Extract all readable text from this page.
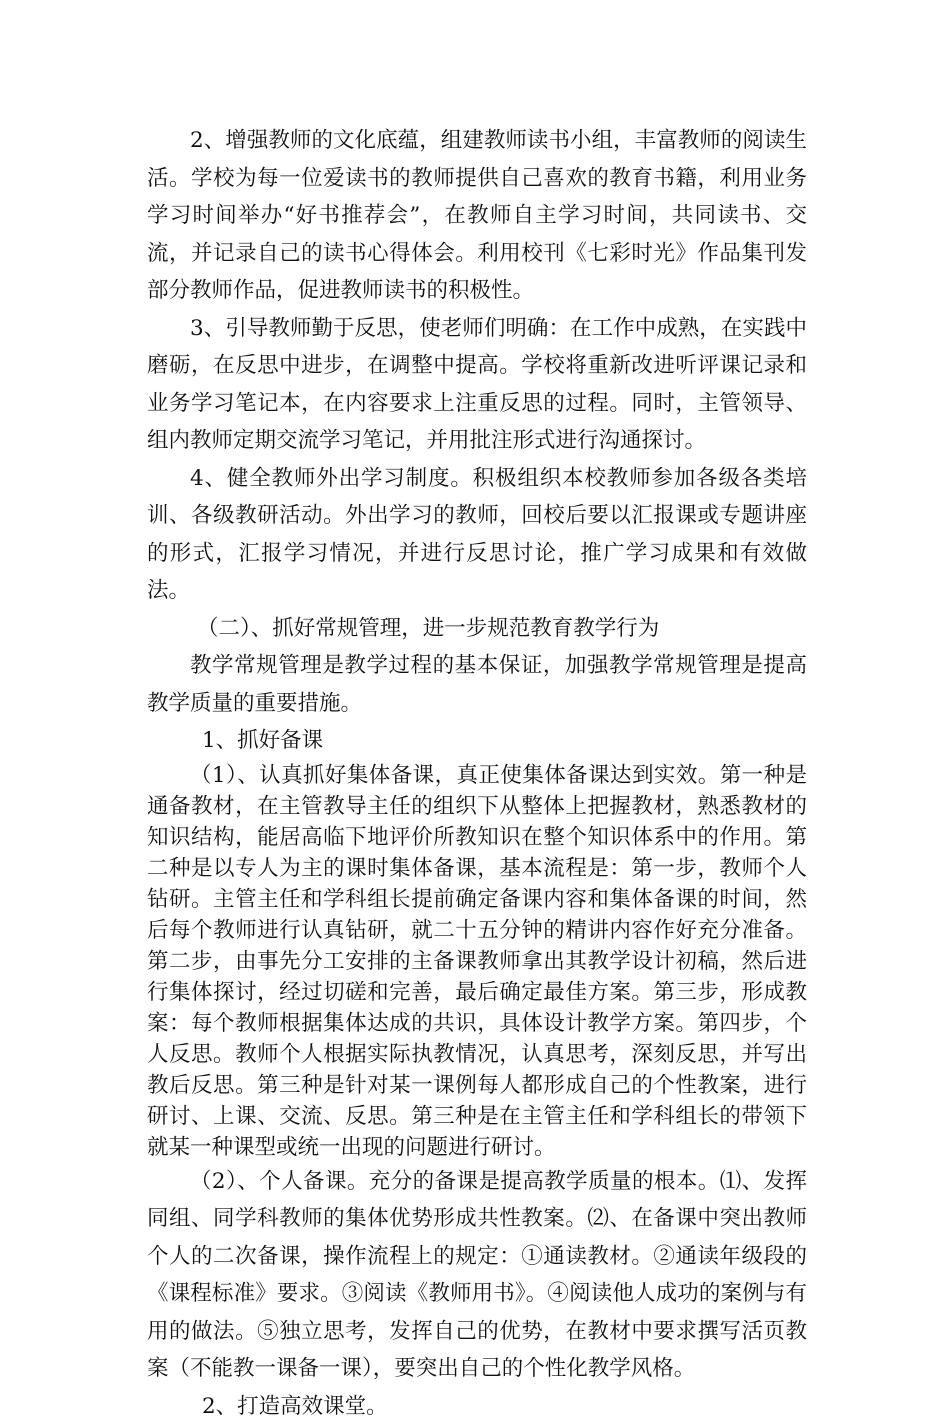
2、增强教师的文化底蕴，组建教师读书小组，丰富教师的阅读生活。学校为每一位爱读书的教师提供自己喜欢的教育书籍，利用业务学习时间举办“好书推荐会”，在教师自主学习时间，共同读书、交流，并记录自己的读书心得体会。利用校刊《七彩时光》作品集刊发部分教师作品，促进教师读书的积极性。

3、引导教师勤于反思，使老师们明确：在工作中成熟，在实践中磨砺，在反思中进步，在调整中提高。学校将重新改进听评课记录和业务学习笔记本，在内容要求上注重反思的过程。同时，主管领导、组内教师定期交流学习笔记，并用批注形式进行沟通探讨。

4、健全教师外出学习制度。积极组织本校教师参加各级各类培训、各级教研活动。外出学习的教师，回校后要以汇报课或专题讲座的形式，汇报学习情况，并进行反思讨论，推广学习成果和有效做法。

（二）、抓好常规管理，进一步规范教育教学行为

教学常规管理是教学过程的基本保证，加强教学常规管理是提高教学质量的重要措施。

1、抓好备课

（1）、认真抓好集体备课，真正使集体备课达到实效。第一种是通备教材，在主管教导主任的组织下从整体上把握教材，熟悉教材的知识结构，能居高临下地评价所教知识在整个知识体系中的作用。第二种是以专人为主的课时集体备课，基本流程是：第一步，教师个人钻研。主管主任和学科组长提前确定备课内容和集体备课的时间，然后每个教师进行认真钻研，就二十五分钟的精讲内容作好充分准备。第二步，由事先分工安排的主备课教师拿出其教学设计初稿，然后进行集体探讨，经过切磋和完善，最后确定最佳方案。第三步，形成教案：每个教师根据集体达成的共识，具体设计教学方案。第四步，个人反思。教师个人根据实际执教情况，认真思考，深刻反思，并写出教后反思。第三种是针对某一课例每人都形成自己的个性教案，进行研讨、上课、交流、反思。第三种是在主管主任和学科组长的带领下就某一种课型或统一出现的问题进行研讨。

（2）、个人备课。充分的备课是提高教学质量的根本。⑴、发挥同组、同学科教师的集体优势形成共性教案。⑵、在备课中突出教师个人的二次备课，操作流程上的规定：①通读教材。②通读年级段的《课程标准》要求。③阅读《教师用书》。④阅读他人成功的案例与有用的做法。⑤独立思考，发挥自己的优势，在教材中要求撰写活页教案（不能教一课备一课），要突出自己的个性化教学风格。

2、打造高效课堂。
